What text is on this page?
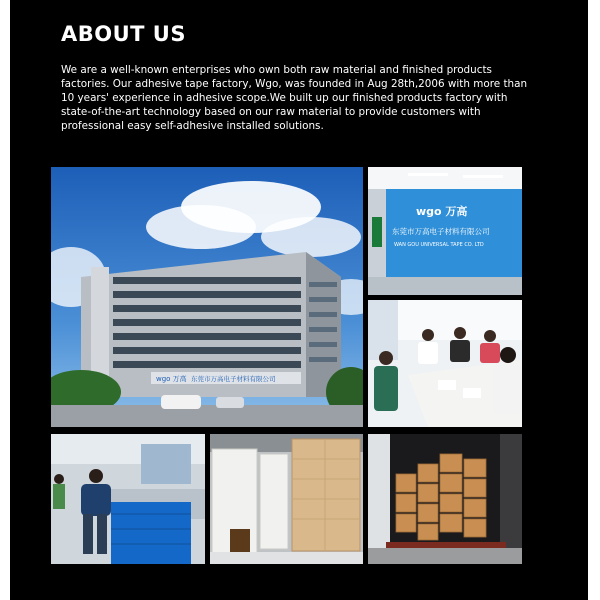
ABOUT US

We are a well-known enterprises who own both raw material and finished products factories. Our adhesive tape factory, Wgo, was founded in Aug 28th,2006 with more than 10 years' experience in adhesive scope.We built up our finished products factory with state-of-the-art technology based on our raw material to provide customers with professional easy self-adhesive installed solutions.

wgo 万高 东莞市万高电子材料有限公司
wgo 万高
东莞市万高电子材料有限公司
WAN GOU UNIVERSAL TAPE CO. LTD
